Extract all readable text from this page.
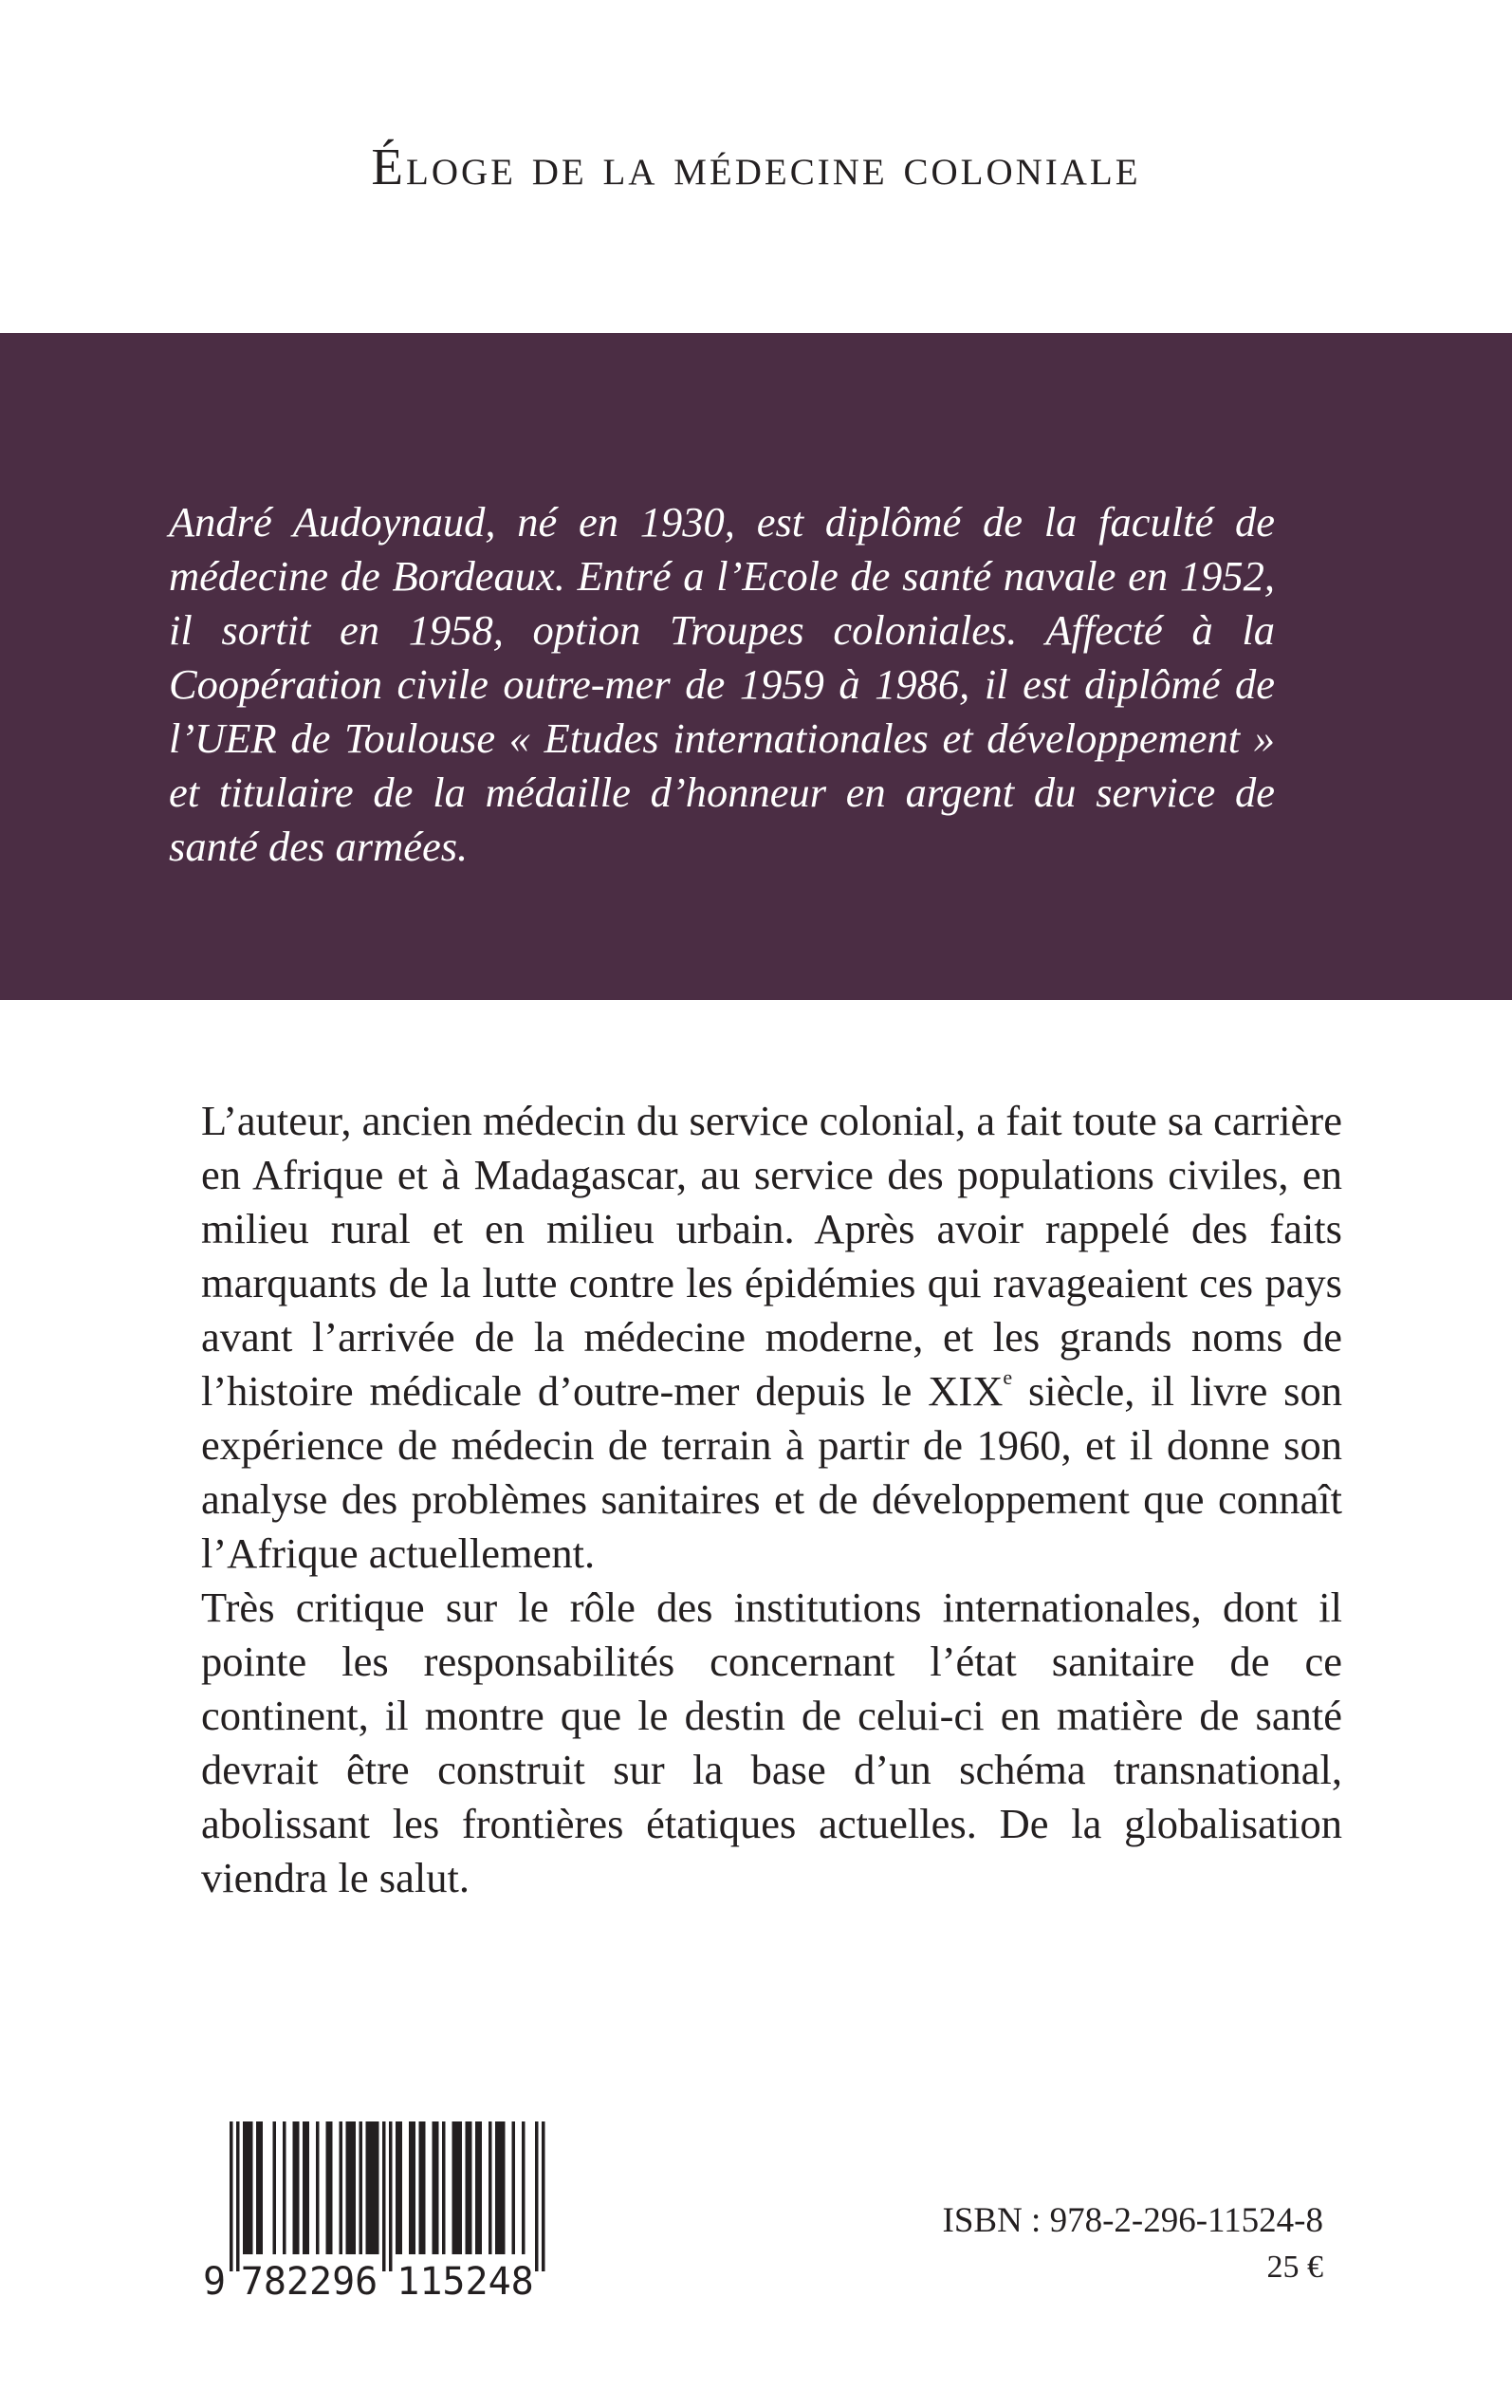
Éloge de la médecine coloniale

André Audoynaud, né en 1930, est diplômé de la faculté de médecine de Bordeaux. Entré a l’Ecole de santé navale en 1952, il sortit en 1958, option Troupes coloniales. Affecté à la Coopération civile outre-mer de 1959 à 1986, il est diplômé de l’UER de Toulouse « Etudes internationales et développement » et titulaire de la médaille d’honneur en argent du service de santé des armées.

L’auteur, ancien médecin du service colonial, a fait toute sa carrière en Afrique et à Madagascar, au service des populations civiles, en milieu rural et en milieu urbain. Après avoir rappelé des faits marquants de la lutte contre les épidémies qui ravageaient ces pays avant l’arrivée de la médecine moderne, et les grands noms de l’histoire médicale d’outre-mer depuis le XIXe siècle, il livre son expérience de médecin de terrain à partir de 1960, et il donne son analyse des problèmes sanitaires et de développement que connaît l’Afrique actuellement.
Très critique sur le rôle des institutions internationales, dont il pointe les responsabilités concernant l’état sanitaire de ce continent, il montre que le destin de celui-ci en matière de santé devrait être construit sur la base d’un schéma transnational, abolissant les frontières étatiques actuelles. De la globalisation viendra le salut.
9 782296 115248
ISBN : 978-2-296-11524-8
25 €
